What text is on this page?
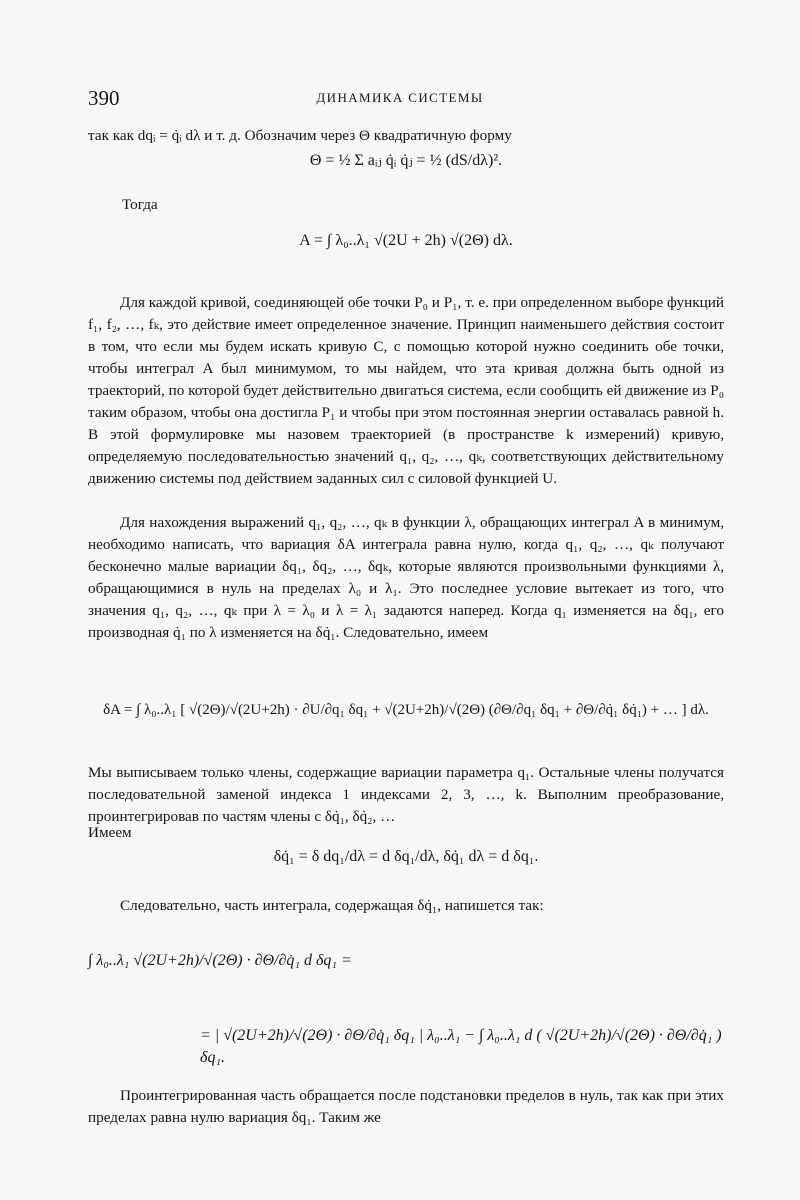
390	ДИНАМИКА СИСТЕМЫ
так как dqᵢ = q̇ᵢ dλ и т. д. Обозначим через Θ квадратичную форму
Θ = ½ Σ aᵢⱼ q̇ᵢ q̇ⱼ = ½ (dS/dλ)².
Тогда
A = ∫ λ₀..λ₁ √(2U + 2h) √(2Θ) dλ.
Для каждой кривой, соединяющей обе точки P₀ и P₁, т. е. при определенном выборе функций f₁, f₂, …, fₖ, это действие имеет определенное значение. Принцип наименьшего действия состоит в том, что если мы будем искать кривую C, с помощью которой нужно соединить обе точки, чтобы интеграл A был минимумом, то мы найдем, что эта кривая должна быть одной из траекторий, по которой будет действительно двигаться система, если сообщить ей движение из P₀ таким образом, чтобы она достигла P₁ и чтобы при этом постоянная энергии оставалась равной h. В этой формулировке мы назовем траекторией (в пространстве k измерений) кривую, определяемую последовательностью значений q₁, q₂, …, qₖ, соответствующих действительному движению системы под действием заданных сил с силовой функцией U.
Для нахождения выражений q₁, q₂, …, qₖ в функции λ, обращающих интеграл A в минимум, необходимо написать, что вариация δA интеграла равна нулю, когда q₁, q₂, …, qₖ получают бесконечно малые вариации δq₁, δq₂, …, δqₖ, которые являются произвольными функциями λ, обращающимися в нуль на пределах λ₀ и λ₁. Это последнее условие вытекает из того, что значения q₁, q₂, …, qₖ при λ = λ₀ и λ = λ₁ задаются наперед. Когда q₁ изменяется на δq₁, его производная q̇₁ по λ изменяется на δq̇₁. Следовательно, имеем
δA = ∫ λ₀..λ₁ [ √(2Θ)/√(2U+2h) · ∂U/∂q₁ δq₁ + √(2U+2h)/√(2Θ) (∂Θ/∂q₁ δq₁ + ∂Θ/∂q̇₁ δq̇₁) + … ] dλ.
Мы выписываем только члены, содержащие вариации параметра q₁. Остальные члены получатся последовательной заменой индекса 1 индексами 2, 3, …, k. Выполним преобразование, проинтегрировав по частям члены с δq̇₁, δq̇₂, …
Имеем
δq̇₁ = δ dq₁/dλ = d δq₁/dλ, δq̇₁ dλ = d δq₁.
Следовательно, часть интеграла, содержащая δq̇₁, напишется так:
∫ λ₀..λ₁ √(2U+2h)/√(2Θ) · ∂Θ/∂q̇₁ d δq₁ =
= | √(2U+2h)/√(2Θ) · ∂Θ/∂q̇₁ δq₁ | λ₀..λ₁ − ∫ λ₀..λ₁ d ( √(2U+2h)/√(2Θ) · ∂Θ/∂q̇₁ ) δq₁.
Проинтегрированная часть обращается после подстановки пределов в нуль, так как при этих пределах равна нулю вариация δq₁. Таким же
